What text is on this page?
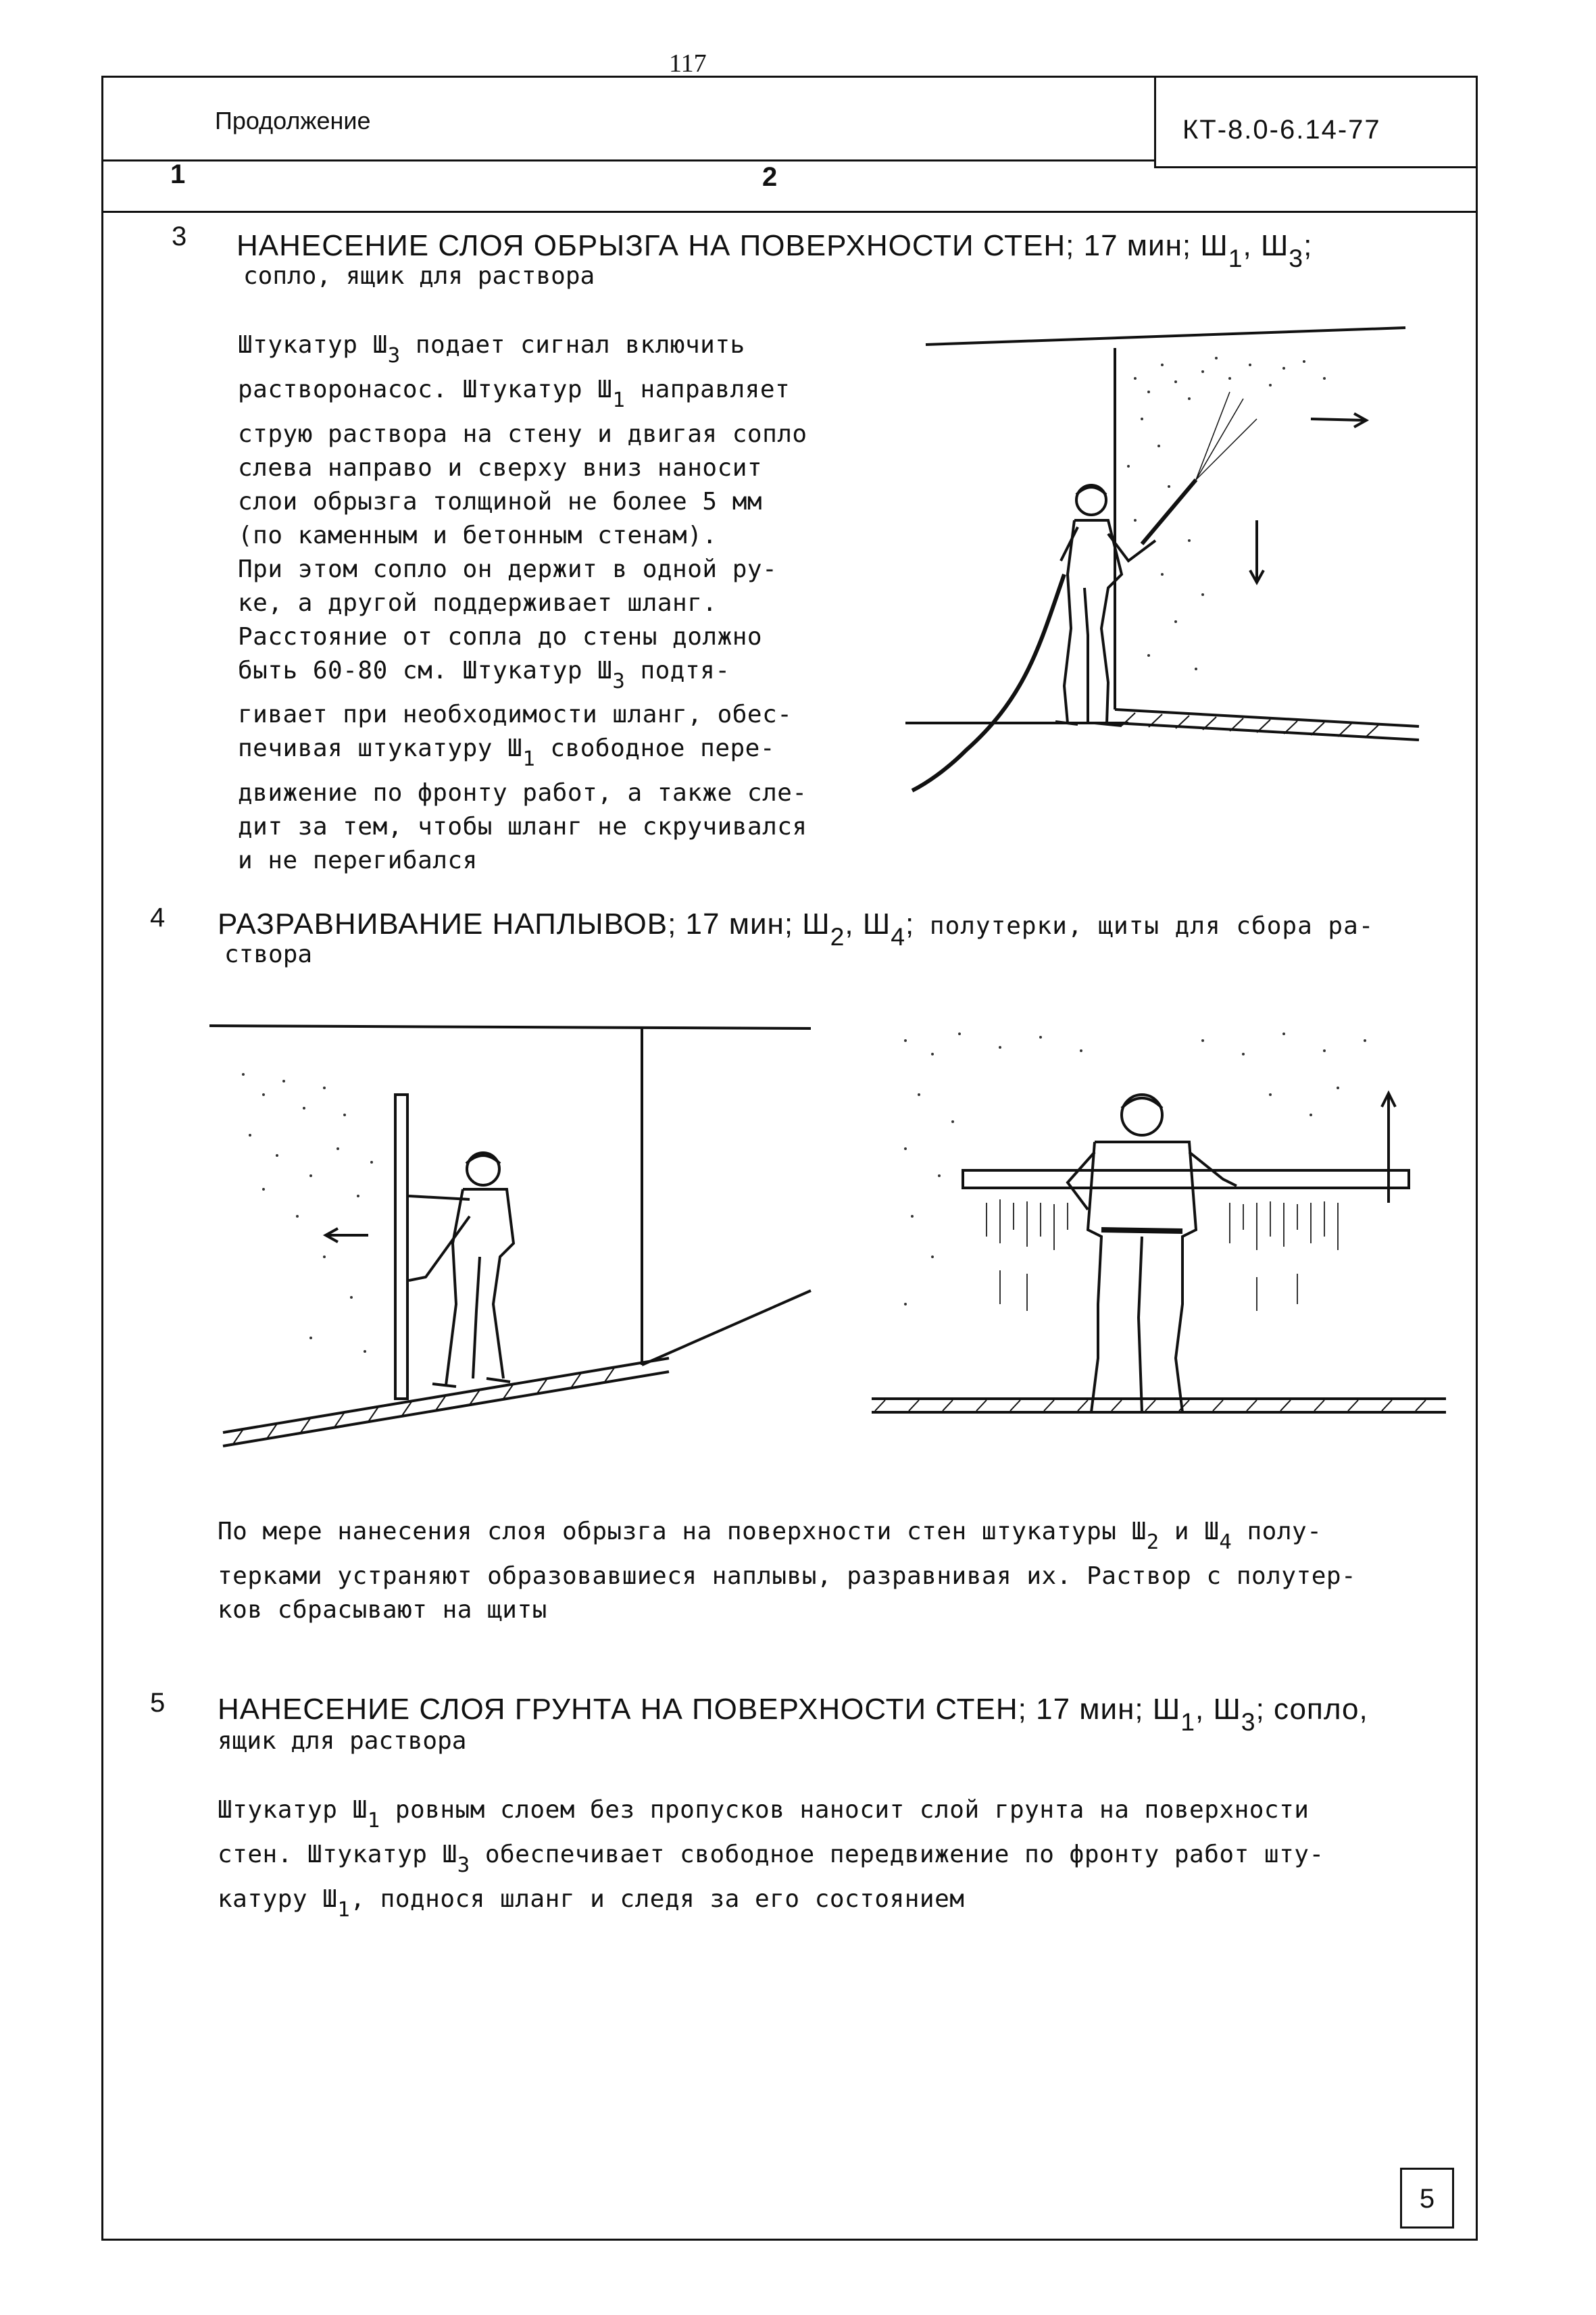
117
Продолжение	КТ-8.0-6.14-77
1	2
3 НАНЕСЕНИЕ СЛОЯ ОБРЫЗГА НА ПОВЕРХНОСТИ СТЕН; 17 мин; $Ш_1$, $Ш_3$;
сопло, ящик для раствора
Штукатур $Ш_3$ подает сигнал включить
растворонасос. Штукатур $Ш_1$ направляет
струю раствора на стену и двигая сопло
слева направо и сверху вниз наносит
слои обрызга толщиной не более 5 мм
(по каменным и бетонным стенам).
При этом сопло он держит в одной ру-
ке, а другой поддерживает шланг.
Расстояние от сопла до стены должно
быть 60-80 см. Штукатур $Ш_3$ подтя-
гивает при необходимости шланг, обес-
печивая штукатуру $Ш_1$ свободное пере-
движение по фронту работ, а также сле-
дит за тем, чтобы шланг не скручивался
и не перегибался
4 РАЗРАВНИВАНИЕ НАПЛЫВОВ; 17 мин; $Ш_2$, $Ш_4$; полутерки, щиты для сбора ра-
створа
По мере нанесения слоя обрызга на поверхности стен штукатуры $Ш_2$ и $Ш_4$ полу-
терками устраняют образовавшиеся наплывы, разравнивая их. Раствор с полутер-
ков сбрасывают на щиты
5 НАНЕСЕНИЕ СЛОЯ ГРУНТА НА ПОВЕРХНОСТИ СТЕН; 17 мин; $Ш_1$, $Ш_3$; сопло,
ящик для раствора
Штукатур $Ш_1$ ровным слоем без пропусков наносит слой грунта на поверхности
стен. Штукатур $Ш_3$ обеспечивает свободное передвижение по фронту работ шту-
катуру $Ш_1$, поднося шланг и следя за его состоянием
5
